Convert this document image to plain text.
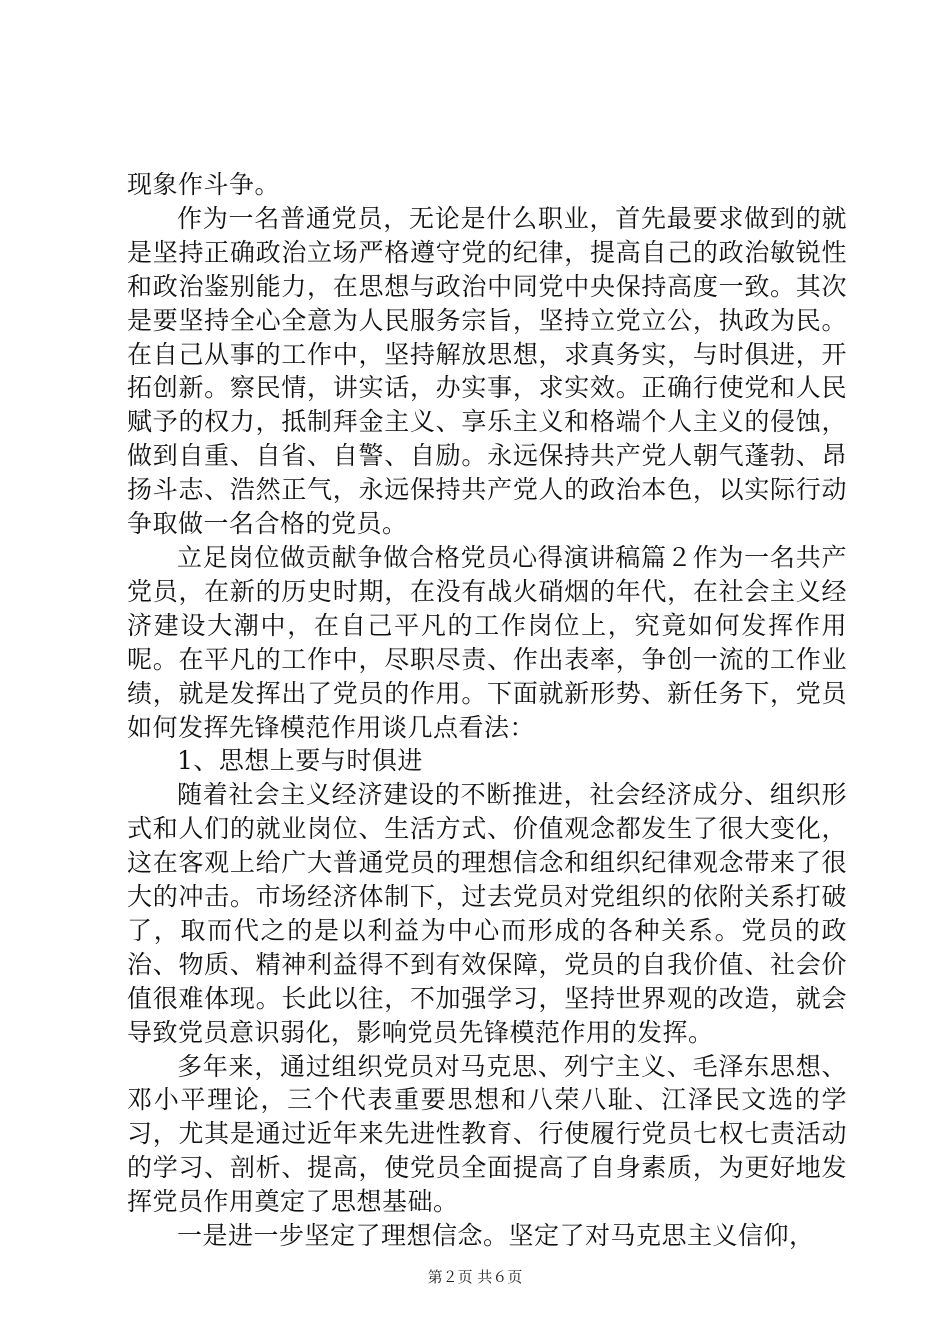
现象作斗争。

作为一名普通党员，无论是什么职业，首先最要求做到的就是坚持正确政治立场严格遵守党的纪律，提高自己的政治敏锐性和政治鉴别能力，在思想与政治中同党中央保持高度一致。其次是要坚持全心全意为人民服务宗旨，坚持立党立公，执政为民。在自己从事的工作中，坚持解放思想，求真务实，与时俱进，开拓创新。察民情，讲实话，办实事，求实效。正确行使党和人民赋予的权力，抵制拜金主义、享乐主义和格端个人主义的侵蚀，做到自重、自省、自警、自励。永远保持共产党人朝气蓬勃、昂扬斗志、浩然正气，永远保持共产党人的政治本色，以实际行动争取做一名合格的党员。

立足岗位做贡献争做合格党员心得演讲稿篇２作为一名共产党员，在新的历史时期，在没有战火硝烟的年代，在社会主义经济建设大潮中，在自己平凡的工作岗位上，究竟如何发挥作用呢。在平凡的工作中，尽职尽责、作出表率，争创一流的工作业绩，就是发挥出了党员的作用。下面就新形势、新任务下，党员如何发挥先锋模范作用谈几点看法：

1、思想上要与时俱进

随着社会主义经济建设的不断推进，社会经济成分、组织形式和人们的就业岗位、生活方式、价值观念都发生了很大变化，这在客观上给广大普通党员的理想信念和组织纪律观念带来了很大的冲击。市场经济体制下，过去党员对党组织的依附关系打破了，取而代之的是以利益为中心而形成的各种关系。党员的政治、物质、精神利益得不到有效保障，党员的自我价值、社会价值很难体现。长此以往，不加强学习，坚持世界观的改造，就会导致党员意识弱化，影响党员先锋模范作用的发挥。

多年来，通过组织党员对马克思、列宁主义、毛泽东思想、邓小平理论，三个代表重要思想和八荣八耻、江泽民文选的学习，尤其是通过近年来先进性教育、行使履行党员七权七责活动的学习、剖析、提高，使党员全面提高了自身素质，为更好地发挥党员作用奠定了思想基础。

一是进一步坚定了理想信念。坚定了对马克思主义信仰，

第２页 共６页
